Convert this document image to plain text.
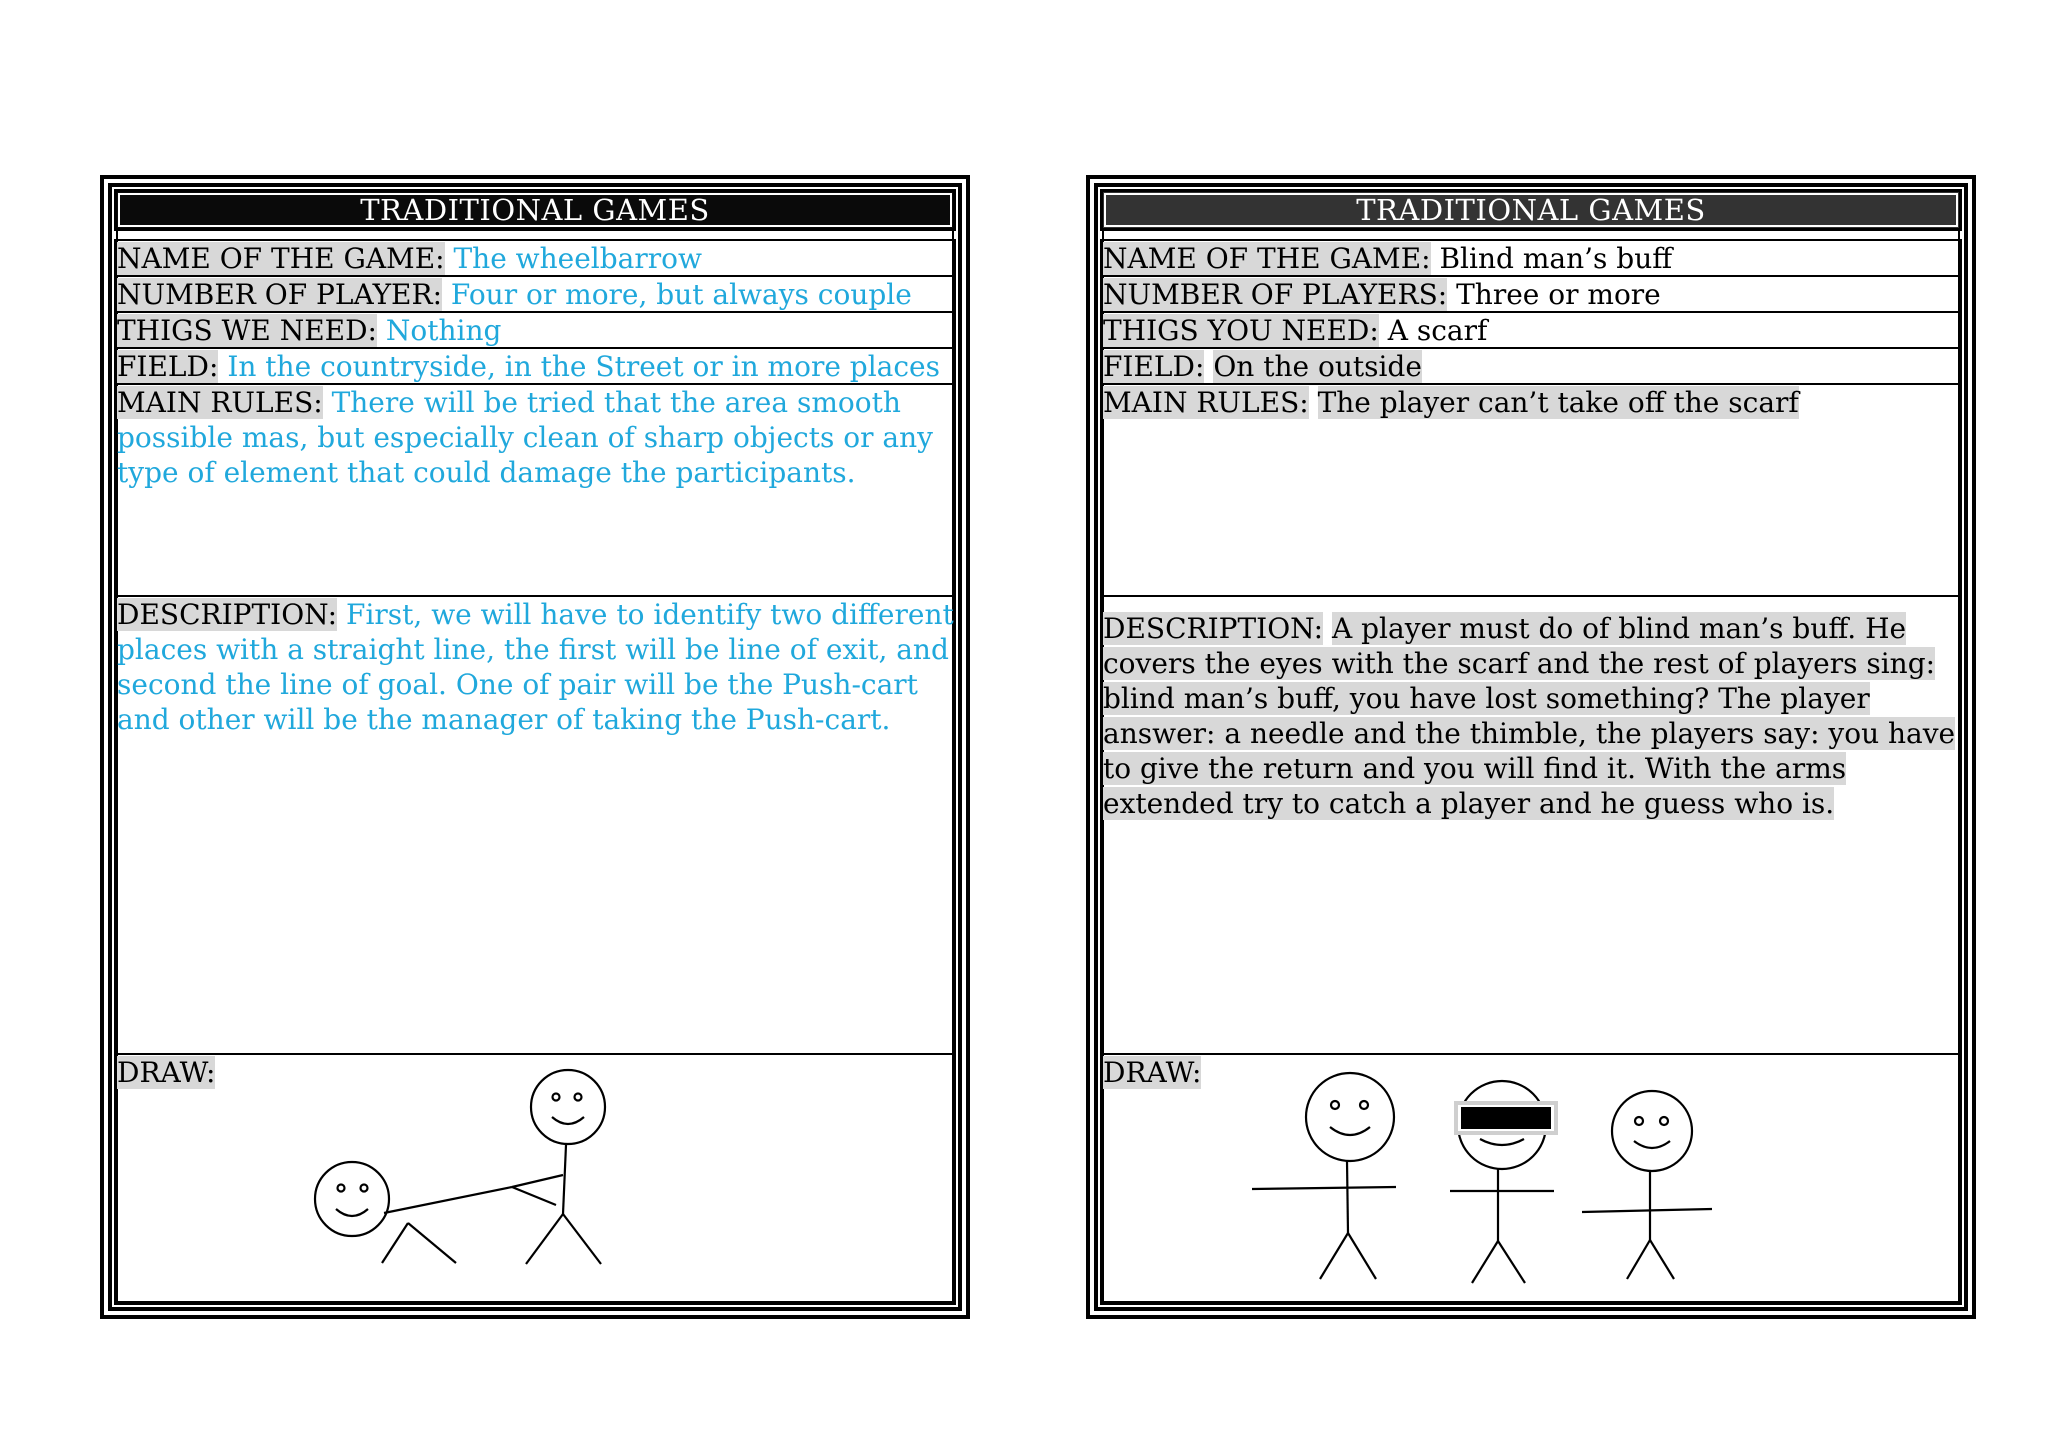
TRADITIONAL GAMES
NAME OF THE GAME: The wheelbarrow
NUMBER OF PLAYER: Four or more, but always couple
THIGS WE NEED: Nothing
FIELD: In the countryside, in the Street or in more places
MAIN RULES: There will be tried that the area smooth possible mas, but especially clean of sharp objects or any type of element that could damage the participants.
DESCRIPTION: First, we will have to identify two different places with a straight line, the first will be line of exit, and second the line of goal. One of pair will be the Push-cart and other will be the manager of taking the Push-cart.
DRAW:
TRADITIONAL GAMES
NAME OF THE GAME: Blind man’s buff
NUMBER OF PLAYERS: Three or more
THIGS YOU NEED: A scarf
FIELD: On the outside
MAIN RULES: The player can’t take off the scarf
DESCRIPTION: A player must do of blind man’s buff. He covers the eyes with the scarf and the rest of players sing: blind man’s buff, you have lost something? The player answer: a needle and the thimble, the players say: you have to give the return and you will find it. With the arms extended try to catch a player and he guess who is.
DRAW:
